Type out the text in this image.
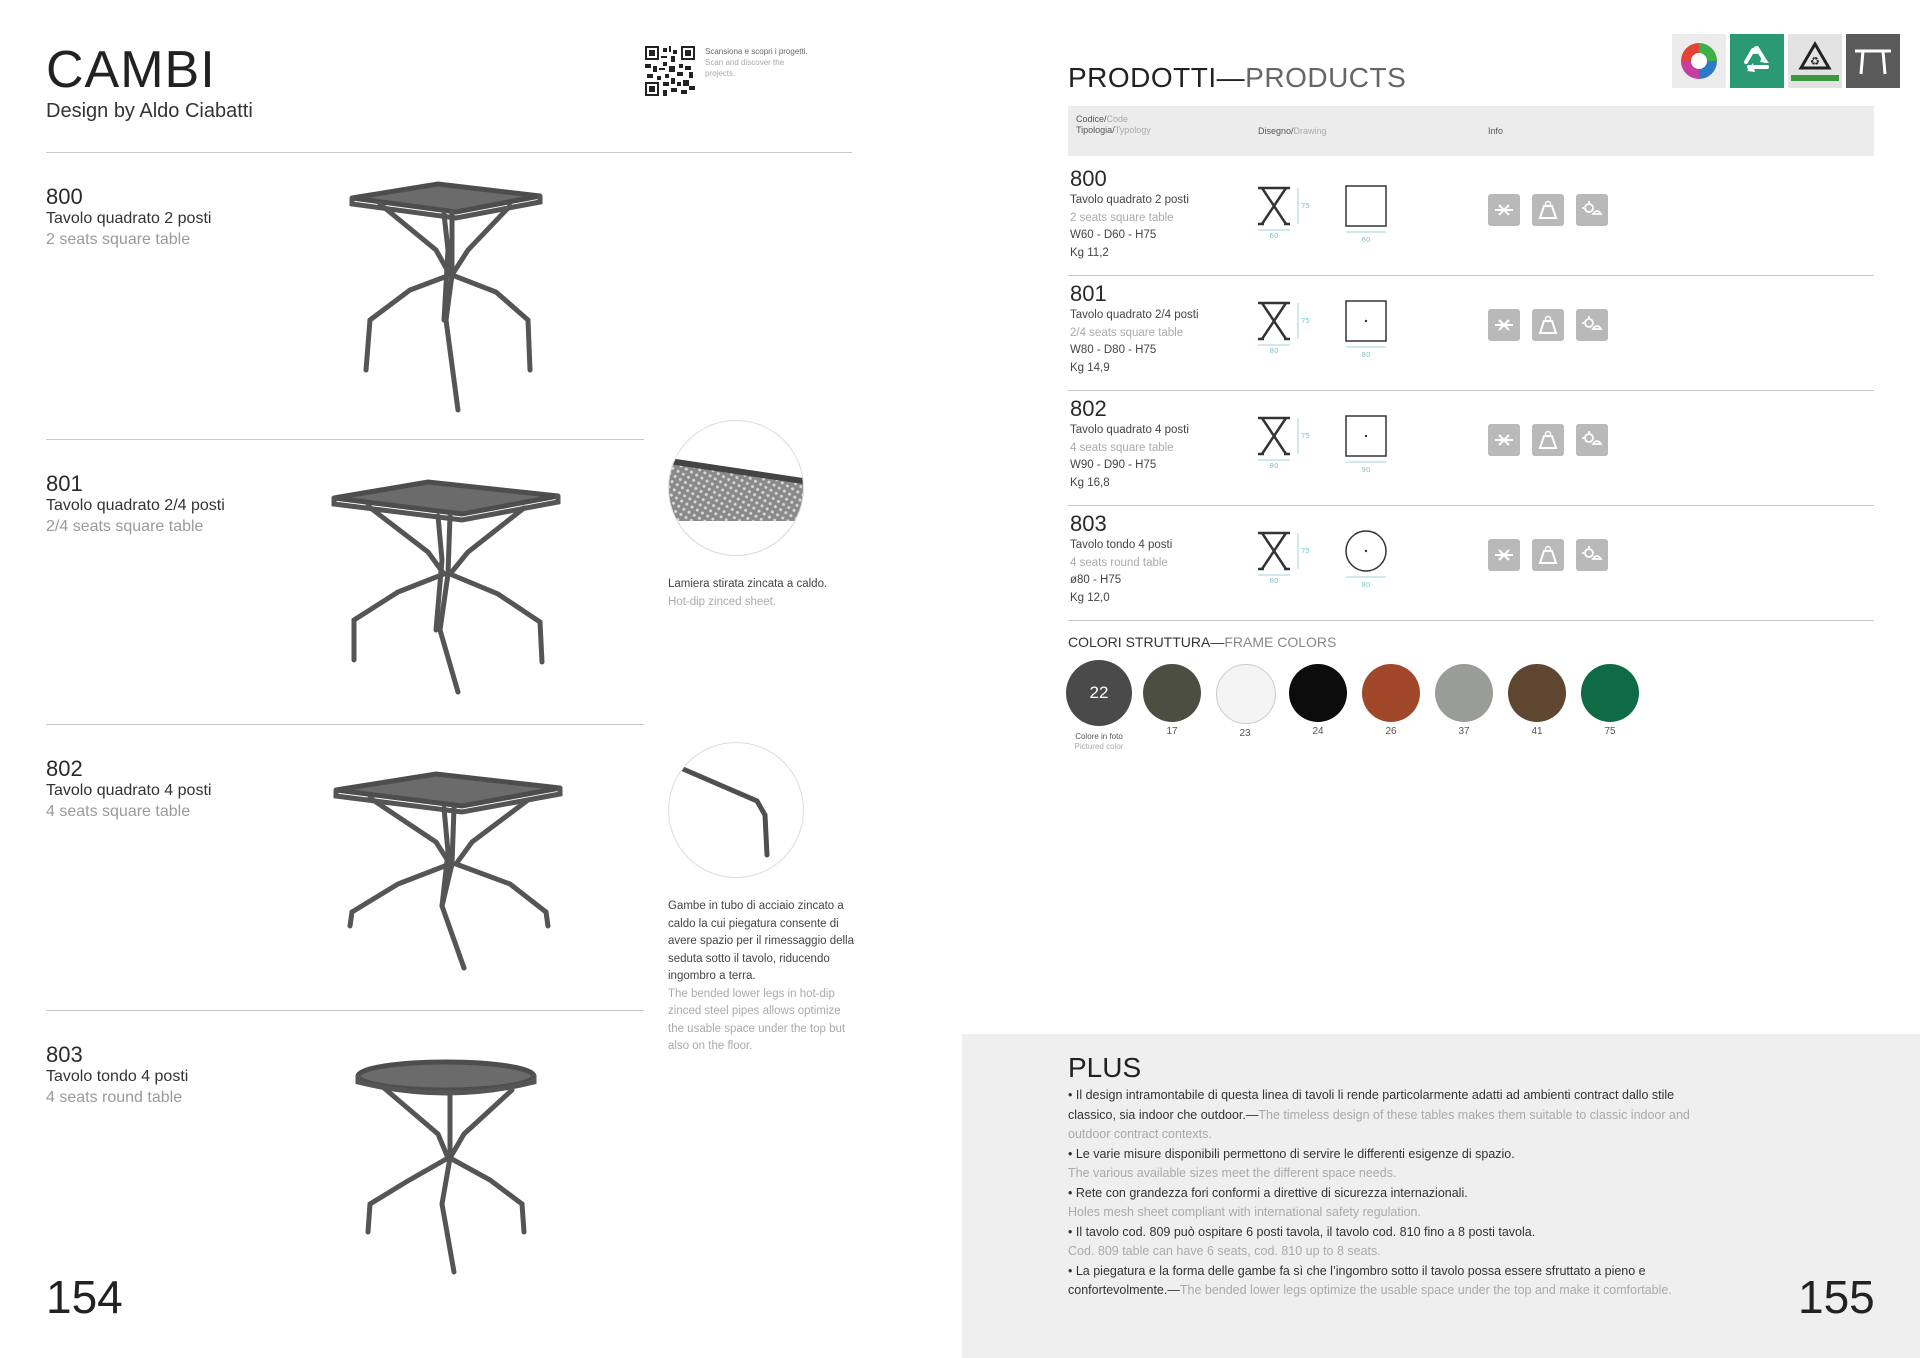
CAMBI
Design by Aldo Ciabatti
Scansiona e scopri i progetti.
Scan and discover the projects.
800
Tavolo quadrato 2 posti
2 seats square table
801
Tavolo quadrato 2/4 posti
2/4 seats square table
Lamiera stirata zincata a caldo.
Hot-dip zinced sheet.
802
Tavolo quadrato 4 posti
4 seats square table
Gambe in tubo di acciaio zincato a caldo la cui piegatura consente di avere spazio per il rimessaggio della seduta sotto il tavolo, riducendo ingombro a terra.
The bended lower legs in hot-dip zinced steel pipes allows optimize the usable space under the top but also on the floor.
803
Tavolo tondo 4 posti
4 seats round table
154
♻
PRODOTTI—PRODUCTS
Codice/Code
Tipologia/Typology	Disegno/Drawing	Info
800
Tavolo quadrato 2 posti
2 seats square table
W60 - D60 - H75
Kg 11,2
75
60	60
801
Tavolo quadrato 2/4 posti
2/4 seats square table
W80 - D80 - H75
Kg 14,9
75
80	80
802
Tavolo quadrato 4 posti
4 seats square table
W90 - D90 - H75
Kg 16,8
75
90	90
803
Tavolo tondo 4 posti
4 seats round table
ø80 - H75
Kg 12,0
75
80	80
COLORI STRUTTURA—FRAME COLORS
22
Colore in foto
Pictured color
17	23	24	26	37	41	75
PLUS
• Il design intramontabile di questa linea di tavoli li rende particolarmente adatti ad ambienti contract dallo stile classico, sia indoor che outdoor.—The timeless design of these tables makes them suitable to classic indoor and outdoor contract contexts.
• Le varie misure disponibili permettono di servire le differenti esigenze di spazio.
The various available sizes meet the different space needs.
• Rete con grandezza fori conformi a direttive di sicurezza internazionali.
Holes mesh sheet compliant with international safety regulation.
• Il tavolo cod. 809 può ospitare 6 posti tavola, il tavolo cod. 810 fino a 8 posti tavola.
Cod. 809 table can have 6 seats, cod. 810 up to 8 seats.
• La piegatura e la forma delle gambe fa sì che l’ingombro sotto il tavolo possa essere sfruttato a pieno e confortevolmente.—The bended lower legs optimize the usable space under the top and make it comfortable.	155
